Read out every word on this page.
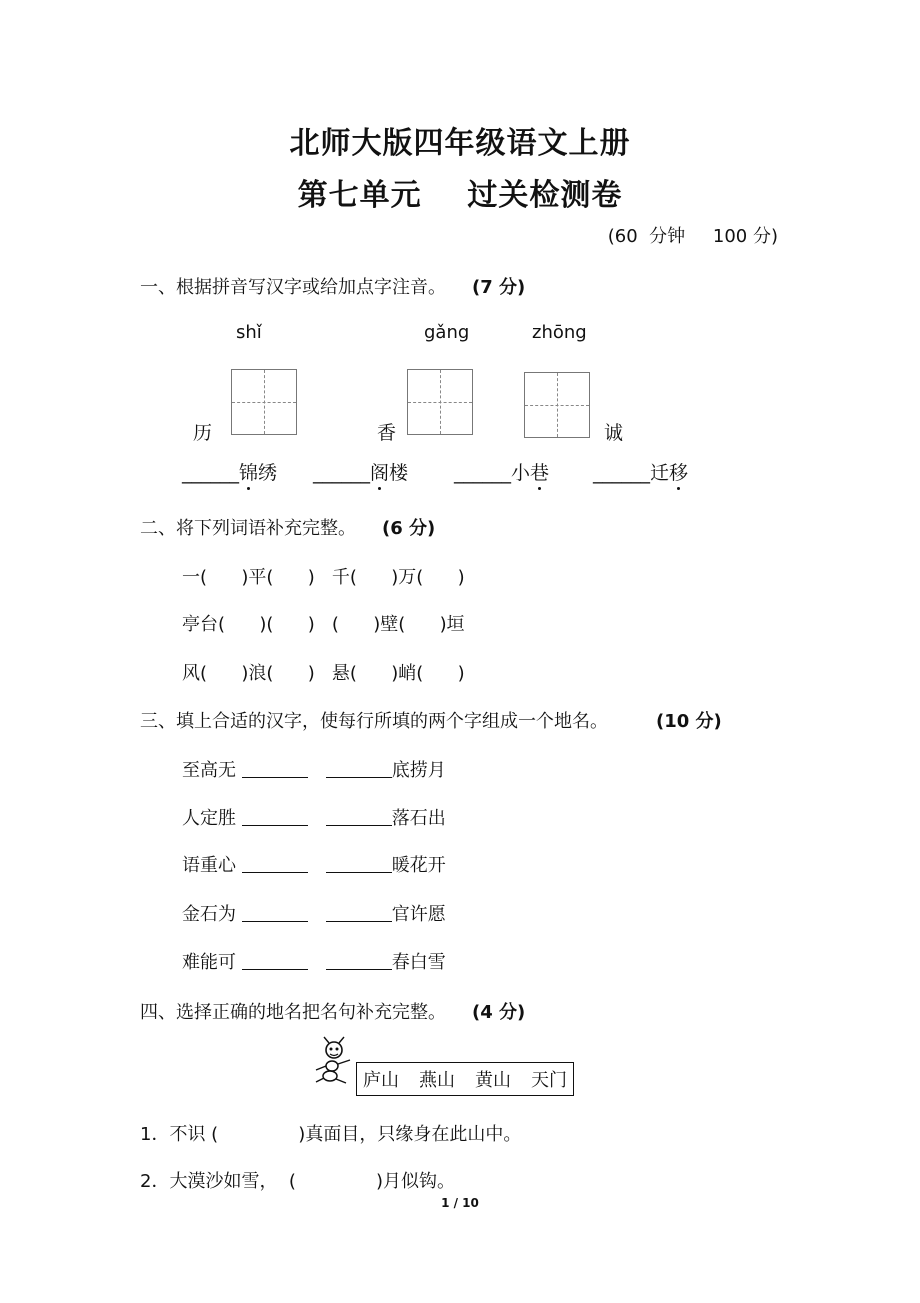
北师大版四年级语文上册
第七单元    过关检测卷
(60  分钟 100 分)
一、根据拼音写汉字或给加点字注音。 (7 分)
shǐ	gǎng	zhōng
历	香	诚
______锦绣 ______阁楼 ______小巷 ______迁移
二、将下列词语补充完整。 (6 分)
一(      )平(      )   千(      )万(      )
亭台(      )(      )   (      )壁(      )垣
风(      )浪(      )   悬(      )峭(      )
三、填上合适的汉字，使每行所填的两个字组成一个地名。	(10 分)
至高无	底捞月
人定胜	落石出
语重心	暖花开
金石为	官许愿
难能可	春白雪
四、选择正确的地名把名句补充完整。 (4 分)
庐山 燕山 黄山 天门
1．不识 (              )真面目，只缘身在此山中。
2．大漠沙如雪，  (              )月似钩。
1 / 10
